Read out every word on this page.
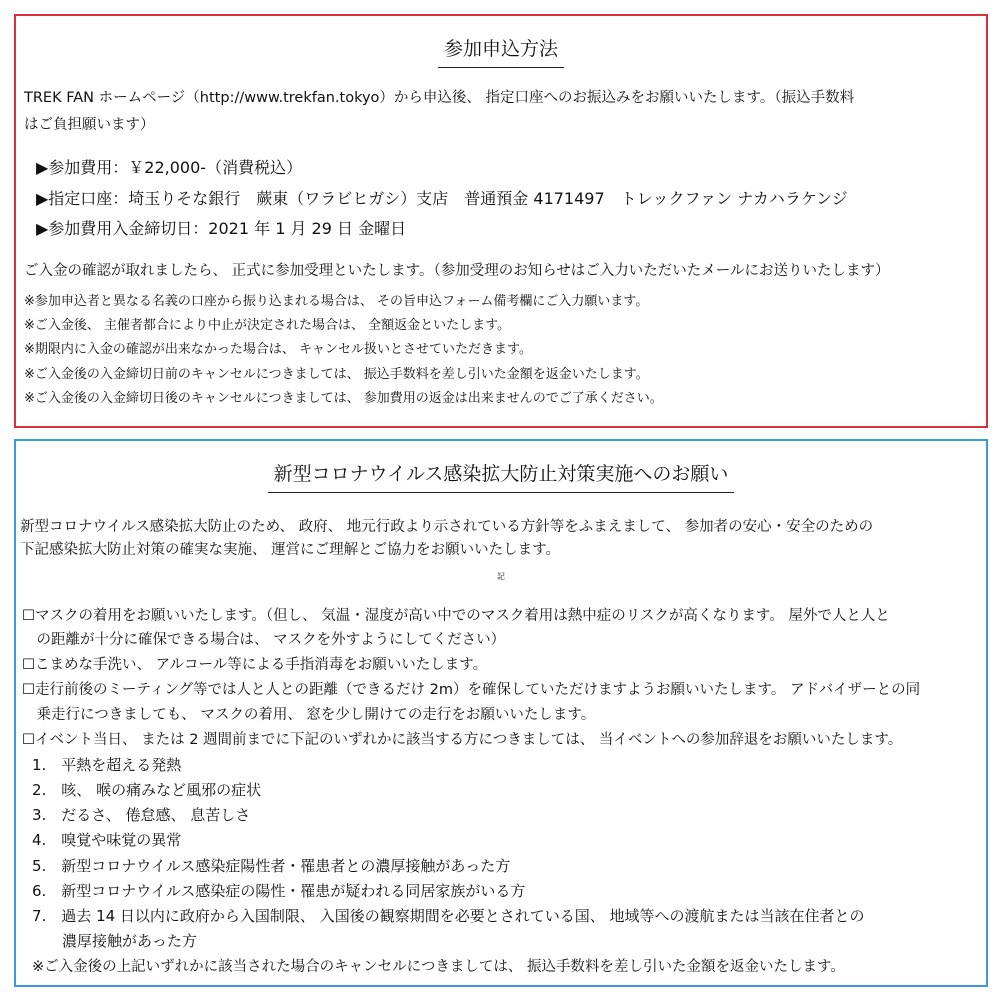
参加申込方法
TREK FAN ホームページ（http://www.trekfan.tokyo）から申込後、 指定口座へのお振込みをお願いいたします。（振込手数料
はご負担願います）
▶参加費用：￥22,000-（消費税込）
▶指定口座：埼玉りそな銀行　蕨東（ワラビヒガシ）支店　普通預金 4171497　トレックファン ナカハラケンジ
▶参加費用入金締切日：2021 年 1 月 29 日 金曜日
ご入金の確認が取れましたら、 正式に参加受理といたします。（参加受理のお知らせはご入力いただいたメールにお送りいたします）
※参加申込者と異なる名義の口座から振り込まれる場合は、 その旨申込フォーム備考欄にご入力願います。
※ご入金後、 主催者都合により中止が決定された場合は、 全額返金といたします。
※期限内に入金の確認が出来なかった場合は、 キャンセル扱いとさせていただきます。
※ご入金後の入金締切日前のキャンセルにつきましては、 振込手数料を差し引いた金額を返金いたします。
※ご入金後の入金締切日後のキャンセルにつきましては、 参加費用の返金は出来ませんのでご了承ください。
新型コロナウイルス感染拡大防止対策実施へのお願い
新型コロナウイルス感染拡大防止のため、 政府、 地元行政より示されている方針等をふまえまして、 参加者の安心・安全のための
下記感染拡大防止対策の確実な実施、 運営にご理解とご協力をお願いいたします。
記
☐マスクの着用をお願いいたします。（但し、 気温・湿度が高い中でのマスク着用は熱中症のリスクが高くなります。 屋外で人と人と
　の距離が十分に確保できる場合は、 マスクを外すようにしてください）
☐こまめな手洗い、 アルコール等による手指消毒をお願いいたします。
☐走行前後のミーティング等では人と人との距離（できるだけ 2m）を確保していただけますようお願いいたします。 アドバイザーとの同
　乗走行につきましても、 マスクの着用、 窓を少し開けての走行をお願いいたします。
☐イベント当日、 または 2 週間前までに下記のいずれかに該当する方につきましては、 当イベントへの参加辞退をお願いいたします。
1.　平熱を超える発熱
2.　咳、 喉の痛みなど風邪の症状
3.　だるさ、 倦怠感、 息苦しさ
4.　嗅覚や味覚の異常
5.　新型コロナウイルス感染症陽性者・罹患者との濃厚接触があった方
6.　新型コロナウイルス感染症の陽性・罹患が疑われる同居家族がいる方
7.　過去 14 日以内に政府から入国制限、 入国後の観察期間を必要とされている国、 地域等への渡航または当該在住者との
　　濃厚接触があった方
※ご入金後の上記いずれかに該当された場合のキャンセルにつきましては、 振込手数料を差し引いた金額を返金いたします。
